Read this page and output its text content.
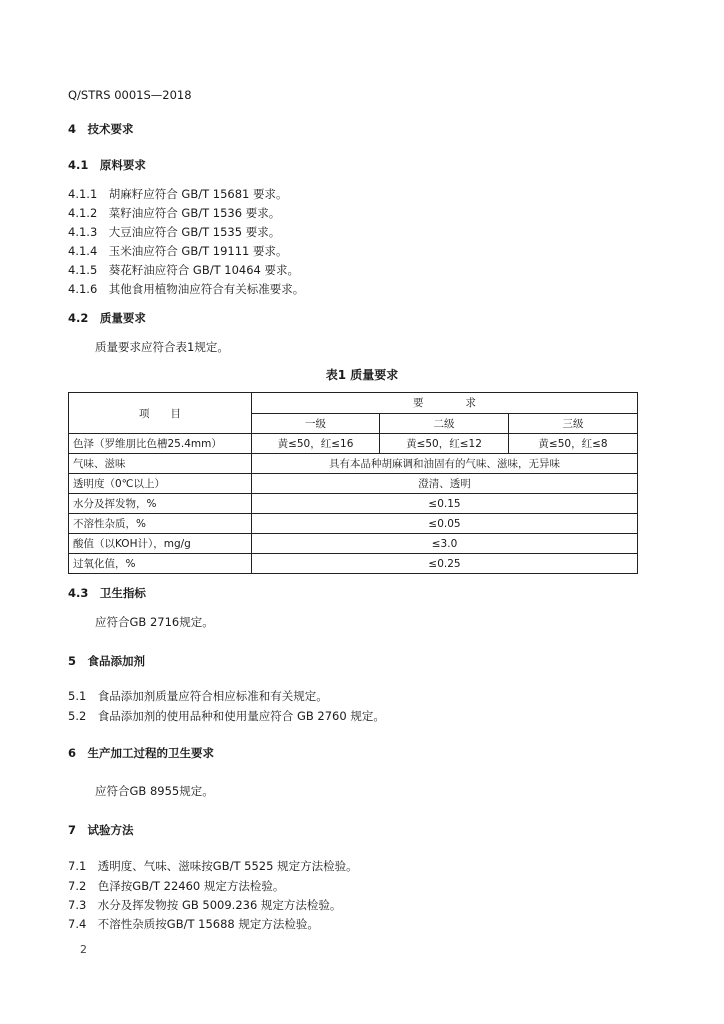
Q/STRS 0001S—2018
4　技术要求
4.1　原料要求
4.1.1　胡麻籽应符合 GB/T 15681 要求。
4.1.2　菜籽油应符合 GB/T 1536 要求。
4.1.3　大豆油应符合 GB/T 1535 要求。
4.1.4　玉米油应符合 GB/T 19111 要求。
4.1.5　葵花籽油应符合 GB/T 10464 要求。
4.1.6　其他食用植物油应符合有关标准要求。
4.2　质量要求
质量要求应符合表1规定。
表1 质量要求
项　　目	要　　　　求		
	一级	二级	三级
色泽（罗维朋比色槽25.4mm）	黄≤50，红≤16	黄≤50，红≤12	黄≤50，红≤8
气味、滋味	具有本品种胡麻调和油固有的气味、滋味，无异味		
透明度（0℃以上）	澄清、透明		
水分及挥发物，%	≤0.15		
不溶性杂质，%	≤0.05		
酸值（以KOH计），mg/g	≤3.0		
过氧化值，%	≤0.25		
4.3　卫生指标
应符合GB 2716规定。
5　食品添加剂
5.1　食品添加剂质量应符合相应标准和有关规定。
5.2　食品添加剂的使用品种和使用量应符合 GB 2760 规定。
6　生产加工过程的卫生要求
应符合GB 8955规定。
7　试验方法
7.1　透明度、气味、滋味按GB/T 5525 规定方法检验。
7.2　色泽按GB/T 22460 规定方法检验。
7.3　水分及挥发物按 GB 5009.236 规定方法检验。
7.4　不溶性杂质按GB/T 15688 规定方法检验。
2
